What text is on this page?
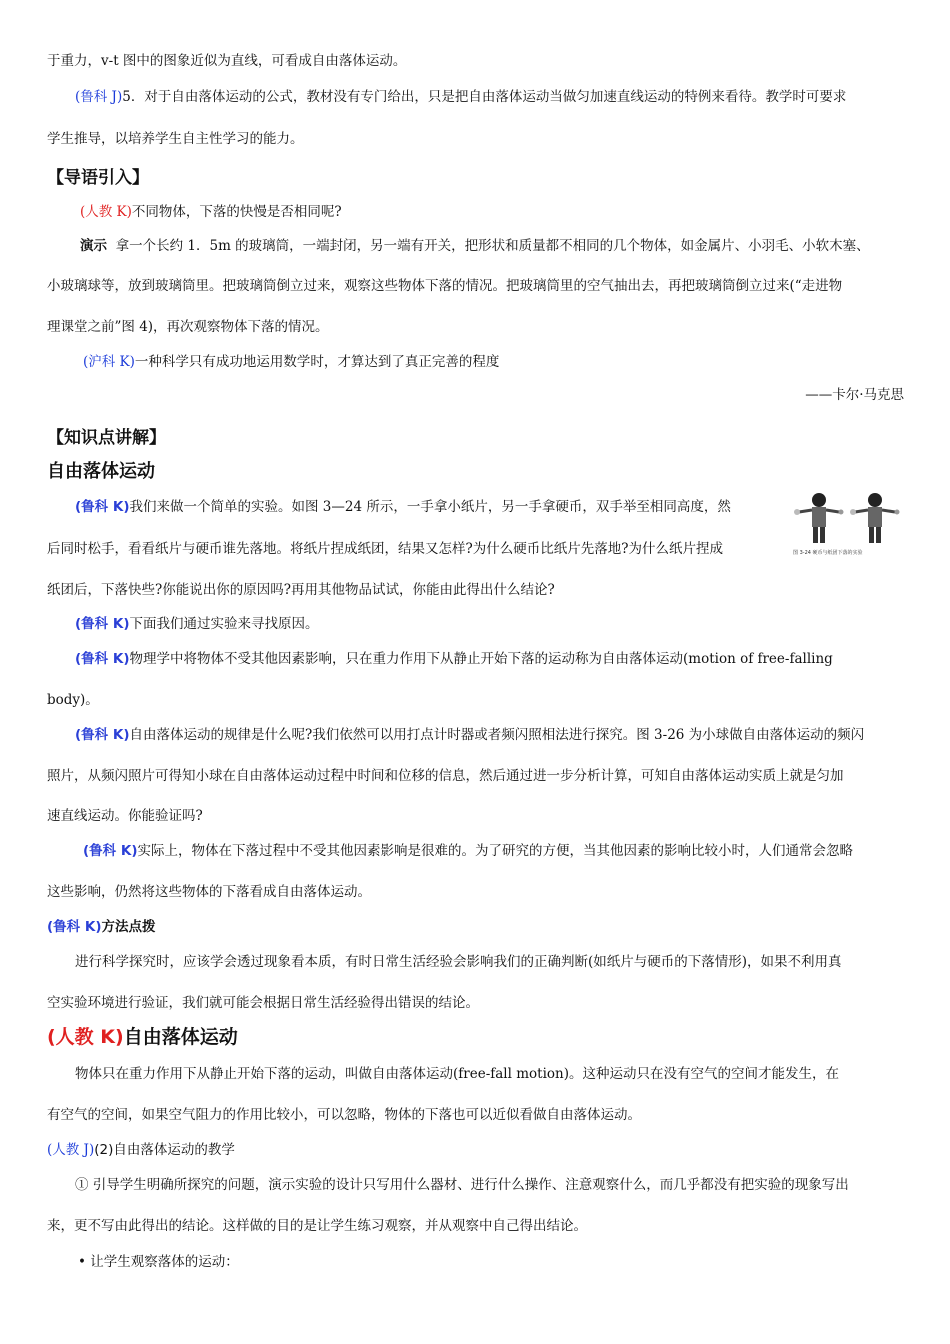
于重力，v-t 图中的图象近似为直线，可看成自由落体运动。

(鲁科 J)5．对于自由落体运动的公式，教材没有专门给出，只是把自由落体运动当做匀加速直线运动的特例来看待。教学时可要求

学生推导，以培养学生自主性学习的能力。

【导语引入】

(人教 K)不同物体，下落的快慢是否相同呢?

演示 拿一个长约 1．5m 的玻璃筒，一端封闭，另一端有开关，把形状和质量都不相同的几个物体，如金属片、小羽毛、小软木塞、

小玻璃球等，放到玻璃筒里。把玻璃筒倒立过来，观察这些物体下落的情况。把玻璃筒里的空气抽出去，再把玻璃筒倒立过来(“走进物

理课堂之前”图 4)，再次观察物体下落的情况。

(沪科 K)一种科学只有成功地运用数学时，才算达到了真正完善的程度

——卡尔·马克思

【知识点讲解】

自由落体运动

(鲁科 K)我们来做一个简单的实验。如图 3—24 所示，一手拿小纸片，另一手拿硬币，双手举至相同高度，然

后同时松手，看看纸片与硬币谁先落地。将纸片捏成纸团，结果又怎样?为什么硬币比纸片先落地?为什么纸片捏成

纸团后，下落快些?你能说出你的原因吗?再用其他物品试试，你能由此得出什么结论?

图 3-24 硬币与纸团下落的实验

(鲁科 K)下面我们通过实验来寻找原因。

(鲁科 K)物理学中将物体不受其他因素影响，只在重力作用下从静止开始下落的运动称为自由落体运动(motion of free-falling

body)。

(鲁科 K)自由落体运动的规律是什么呢?我们依然可以用打点计时器或者频闪照相法进行探究。图 3-26 为小球做自由落体运动的频闪

照片，从频闪照片可得知小球在自由落体运动过程中时间和位移的信息，然后通过进一步分析计算，可知自由落体运动实质上就是匀加

速直线运动。你能验证吗?

(鲁科 K)实际上，物体在下落过程中不受其他因素影响是很难的。为了研究的方便，当其他因素的影响比较小时，人们通常会忽略

这些影响，仍然将这些物体的下落看成自由落体运动。

(鲁科 K)方法点拨

进行科学探究时，应该学会透过现象看本质，有时日常生活经验会影响我们的正确判断(如纸片与硬币的下落情形)，如果不利用真

空实验环境进行验证，我们就可能会根据日常生活经验得出错误的结论。

(人教 K)自由落体运动

物体只在重力作用下从静止开始下落的运动，叫做自由落体运动(free-fall motion)。这种运动只在没有空气的空间才能发生，在

有空气的空间，如果空气阻力的作用比较小，可以忽略，物体的下落也可以近似看做自由落体运动。

(人教 J)(2)自由落体运动的教学

① 引导学生明确所探究的问题，演示实验的设计只写用什么器材、进行什么操作、注意观察什么，而几乎都没有把实验的现象写出

来，更不写由此得出的结论。这样做的目的是让学生练习观察，并从观察中自己得出结论。

• 让学生观察落体的运动：
